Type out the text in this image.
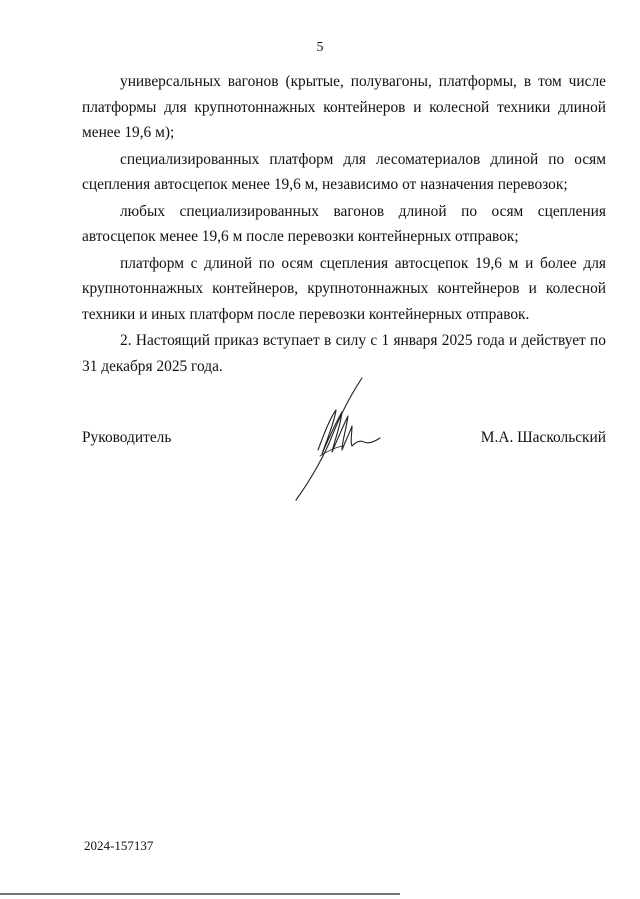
5

универсальных вагонов (крытые, полувагоны, платформы, в том числе платформы для крупнотоннажных контейнеров и колесной техники длиной менее 19,6 м);

специализированных платформ для лесоматериалов длиной по осям сцепления автосцепок менее 19,6 м, независимо от назначения перевозок;

любых специализированных вагонов длиной по осям сцепления автосцепок менее 19,6 м после перевозки контейнерных отправок;

платформ с длиной по осям сцепления автосцепок 19,6 м и более для крупнотоннажных контейнеров, крупнотоннажных контейнеров и колесной техники и иных платформ после перевозки контейнерных отправок.

2. Настоящий приказ вступает в силу с 1 января 2025 года и действует по 31 декабря 2025 года.

Руководитель	М.А. Шаскольский
2024-157137
